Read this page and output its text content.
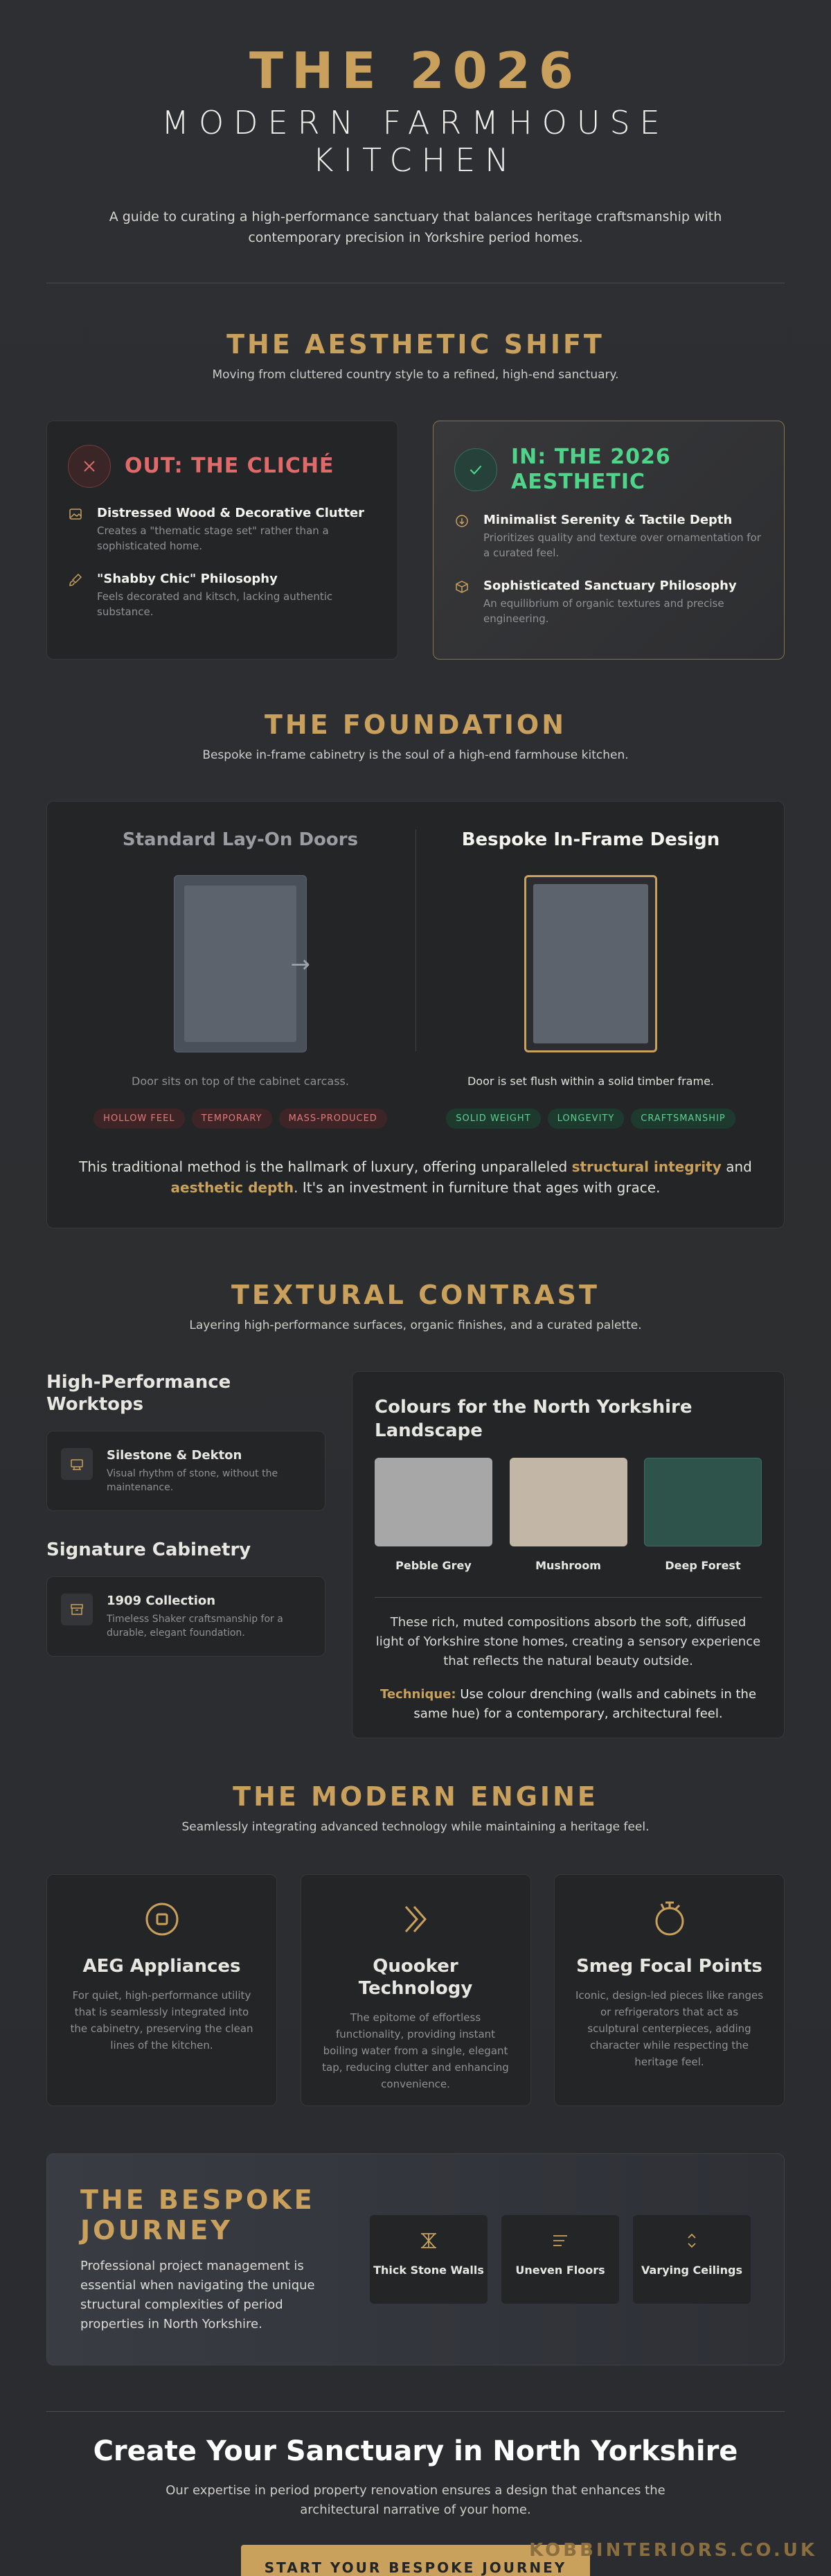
THE 2026
MODERN FARMHOUSE
KITCHEN

A guide to curating a high-performance sanctuary that balances heritage craftsmanship with contemporary precision in Yorkshire period homes.

THE AESTHETIC SHIFT

Moving from cluttered country style to a refined, high-end sanctuary.

OUT: THE CLICHÉ
Distressed Wood & Decorative Clutter
Creates a "thematic stage set" rather than a sophisticated home.
"Shabby Chic" Philosophy
Feels decorated and kitsch, lacking authentic substance.
IN: THE 2026
AESTHETIC
Minimalist Serenity & Tactile Depth
Prioritizes quality and texture over ornamentation for a curated feel.
Sophisticated Sanctuary Philosophy
An equilibrium of organic textures and precise engineering.
THE FOUNDATION

Bespoke in-frame cabinetry is the soul of a high-end farmhouse kitchen.

Standard Lay-On Doors
→

Door sits on top of the cabinet carcass.

HOLLOW FEEL	TEMPORARY	MASS-PRODUCED
Bespoke In-Frame Design

Door is set flush within a solid timber frame.

SOLID WEIGHT	LONGEVITY	CRAFTSMANSHIP

This traditional method is the hallmark of luxury, offering unparalleled structural integrity and aesthetic depth. It's an investment in furniture that ages with grace.

TEXTURAL CONTRAST

Layering high-performance surfaces, organic finishes, and a curated palette.

High-Performance
Worktops
Silestone & Dekton
Visual rhythm of stone, without the maintenance.
Signature Cabinetry
1909 Collection
Timeless Shaker craftsmanship for a durable, elegant foundation.
Colours for the North Yorkshire Landscape
Pebble Grey	Mushroom	Deep Forest

These rich, muted compositions absorb the soft, diffused light of Yorkshire stone homes, creating a sensory experience that reflects the natural beauty outside.

Technique: Use colour drenching (walls and cabinets in the same hue) for a contemporary, architectural feel.

THE MODERN ENGINE

Seamlessly integrating advanced technology while maintaining a heritage feel.

AEG Appliances
For quiet, high-performance utility that is seamlessly integrated into the cabinetry, preserving the clean lines of the kitchen.
Quooker Technology
The epitome of effortless functionality, providing instant boiling water from a single, elegant tap, reducing clutter and enhancing convenience.
Smeg Focal Points
Iconic, design-led pieces like ranges or refrigerators that act as sculptural centerpieces, adding character while respecting the heritage feel.
THE BESPOKE
JOURNEY

Professional project management is essential when navigating the unique structural complexities of period properties in North Yorkshire.

Thick Stone Walls	Uneven Floors	Varying Ceilings
Create Your Sanctuary in North Yorkshire

Our expertise in period property renovation ensures a design that enhances the architectural narrative of your home.

START YOUR BESPOKE JOURNEY
KOBBINTERIORS.CO.UK
